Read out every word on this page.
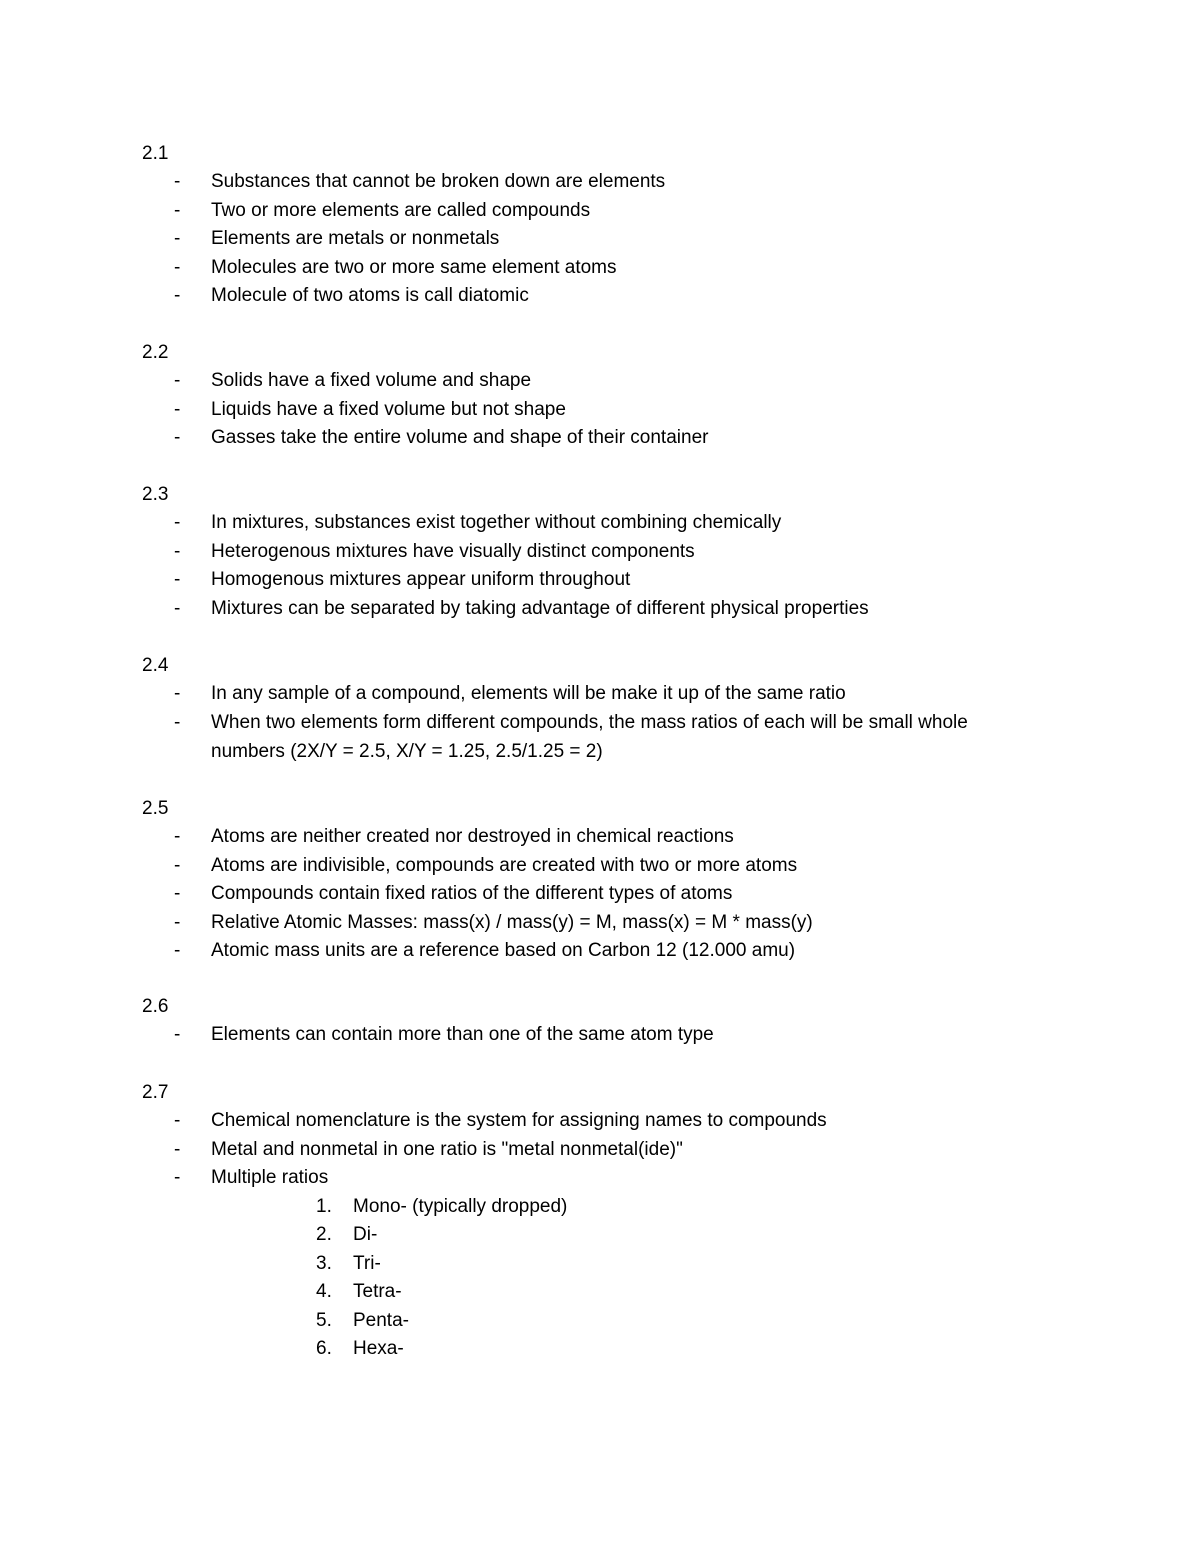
2.1
- Substances that cannot be broken down are elements
- Two or more elements are called compounds
- Elements are metals or nonmetals
- Molecules are two or more same element atoms
- Molecule of two atoms is call diatomic
2.2
- Solids have a fixed volume and shape
- Liquids have a fixed volume but not shape
- Gasses take the entire volume and shape of their container
2.3
- In mixtures, substances exist together without combining chemically
- Heterogenous mixtures have visually distinct components
- Homogenous mixtures appear uniform throughout
- Mixtures can be separated by taking advantage of different physical properties
2.4
- In any sample of a compound, elements will be make it up of the same ratio
- When two elements form different compounds, the mass ratios of each will be small whole numbers (2X/Y = 2.5, X/Y = 1.25, 2.5/1.25 = 2)
2.5
- Atoms are neither created nor destroyed in chemical reactions
- Atoms are indivisible, compounds are created with two or more atoms
- Compounds contain fixed ratios of the different types of atoms
- Relative Atomic Masses: mass(x) / mass(y) = M, mass(x) = M * mass(y)
- Atomic mass units are a reference based on Carbon 12 (12.000 amu)
2.6
- Elements can contain more than one of the same atom type
2.7
- Chemical nomenclature is the system for assigning names to compounds
- Metal and nonmetal in one ratio is "metal nonmetal(ide)"
- Multiple ratios
1. Mono- (typically dropped)
2. Di-
3. Tri-
4. Tetra-
5. Penta-
6. Hexa-
